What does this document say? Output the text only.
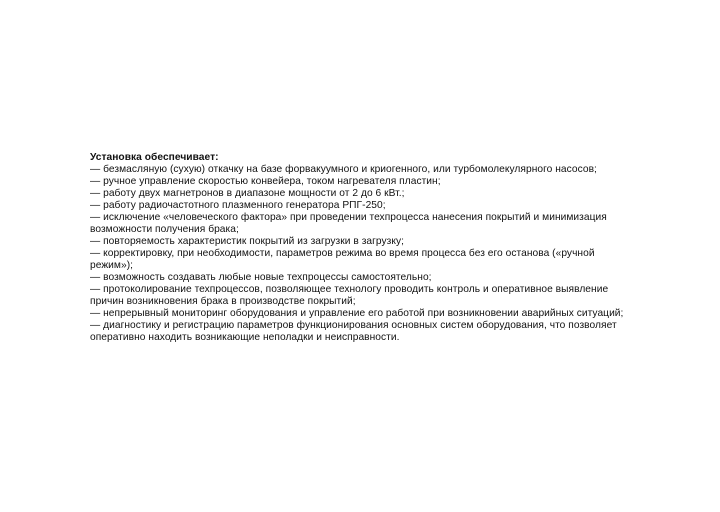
Установка обеспечивает:

— безмасляную (сухую) откачку на базе форвакуумного и криогенного, или турбомолекулярного насосов;

— ручное управление скоростью конвейера, током нагревателя пластин;

— работу двух магнетронов в диапазоне мощности от 2 до 6 кВт.;

— работу радиочастотного плазменного генератора РПГ-250;

— исключение «человеческого фактора» при проведении техпроцесса нанесения покрытий и минимизация возможности получения брака;

— повторяемость характеристик покрытий из загрузки в загрузку;

— корректировку, при необходимости, параметров режима во время процесса без его останова («ручной режим»);

— возможность создавать любые новые техпроцессы самостоятельно;

— протоколирование техпроцессов, позволяющее технологу проводить контроль и оперативное выявление причин возникновения брака в производстве покрытий;

— непрерывный мониторинг оборудования и управление его работой при возникновении аварийных ситуаций;

— диагностику и регистрацию параметров функционирования основных систем оборудования, что позволяет оперативно находить возникающие неполадки и неисправности.
